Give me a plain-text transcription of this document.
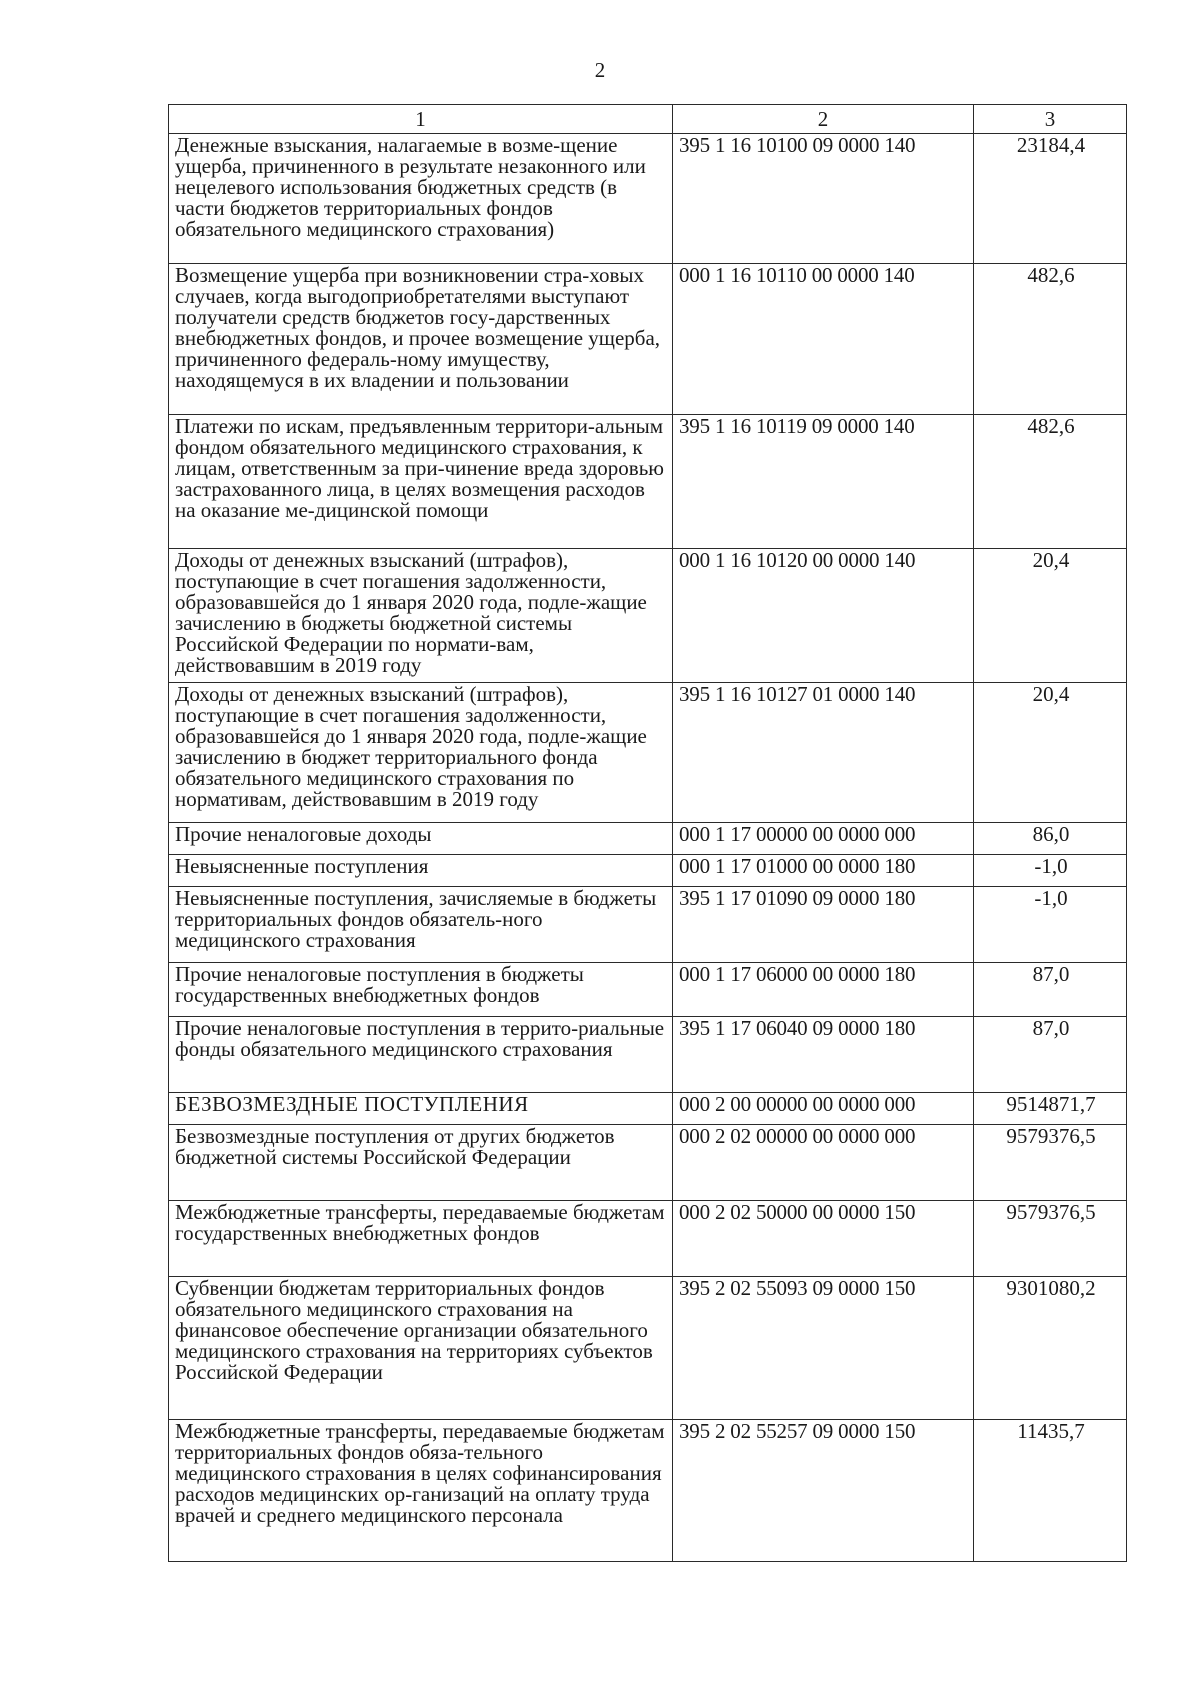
2
1	2	3
Денежные взыскания, налагаемые в возме-щение ущерба, причиненного в результате незаконного или нецелевого использования бюджетных средств (в части бюджетов территориальных фондов обязательного медицинского страхования)	395 1 16 10100 09 0000 140	23184,4
Возмещение ущерба при возникновении стра-ховых случаев, когда выгодоприобретателями выступают получатели средств бюджетов госу-дарственных внебюджетных фондов, и прочее возмещение ущерба, причиненного федераль-ному имуществу, находящемуся в их владении и пользовании	000 1 16 10110 00 0000 140	482,6
Платежи по искам, предъявленным территори-альным фондом обязательного медицинского страхования, к лицам, ответственным за при-чинение вреда здоровью застрахованного лица, в целях возмещения расходов на оказание ме-дицинской помощи	395 1 16 10119 09 0000 140	482,6
Доходы от денежных взысканий (штрафов), поступающие в счет погашения задолженности, образовавшейся до 1 января 2020 года, подле-жащие зачислению в бюджеты бюджетной системы Российской Федерации по нормати-вам, действовавшим в 2019 году	000 1 16 10120 00 0000 140	20,4
Доходы от денежных взысканий (штрафов), поступающие в счет погашения задолженности, образовавшейся до 1 января 2020 года, подле-жащие зачислению в бюджет территориального фонда обязательного медицинского страхования по нормативам, действовавшим в 2019 году	395 1 16 10127 01 0000 140	20,4
Прочие неналоговые доходы	000 1 17 00000 00 0000 000	86,0
Невыясненные поступления	000 1 17 01000 00 0000 180	-1,0
Невыясненные поступления, зачисляемые в бюджеты территориальных фондов обязатель-ного медицинского страхования	395 1 17 01090 09 0000 180	-1,0
Прочие неналоговые поступления в бюджеты государственных внебюджетных фондов	000 1 17 06000 00 0000 180	87,0
Прочие неналоговые поступления в террито-риальные фонды обязательного медицинского страхования	395 1 17 06040 09 0000 180	87,0
БЕЗВОЗМЕЗДНЫЕ ПОСТУПЛЕНИЯ	000 2 00 00000 00 0000 000	9514871,7
Безвозмездные поступления от других бюджетов бюджетной системы Российской Федерации	000 2 02 00000 00 0000 000	9579376,5
Межбюджетные трансферты, передаваемые бюджетам государственных внебюджетных фондов	000 2 02 50000 00 0000 150	9579376,5
Субвенции бюджетам территориальных фондов обязательного медицинского страхования на финансовое обеспечение организации обязательного медицинского страхования на территориях субъектов Российской Федерации	395 2 02 55093 09 0000 150	9301080,2
Межбюджетные трансферты, передаваемые бюджетам территориальных фондов обяза-тельного медицинского страхования в целях софинансирования расходов медицинских ор-ганизаций на оплату труда врачей и среднего медицинского персонала	395 2 02 55257 09 0000 150	11435,7
